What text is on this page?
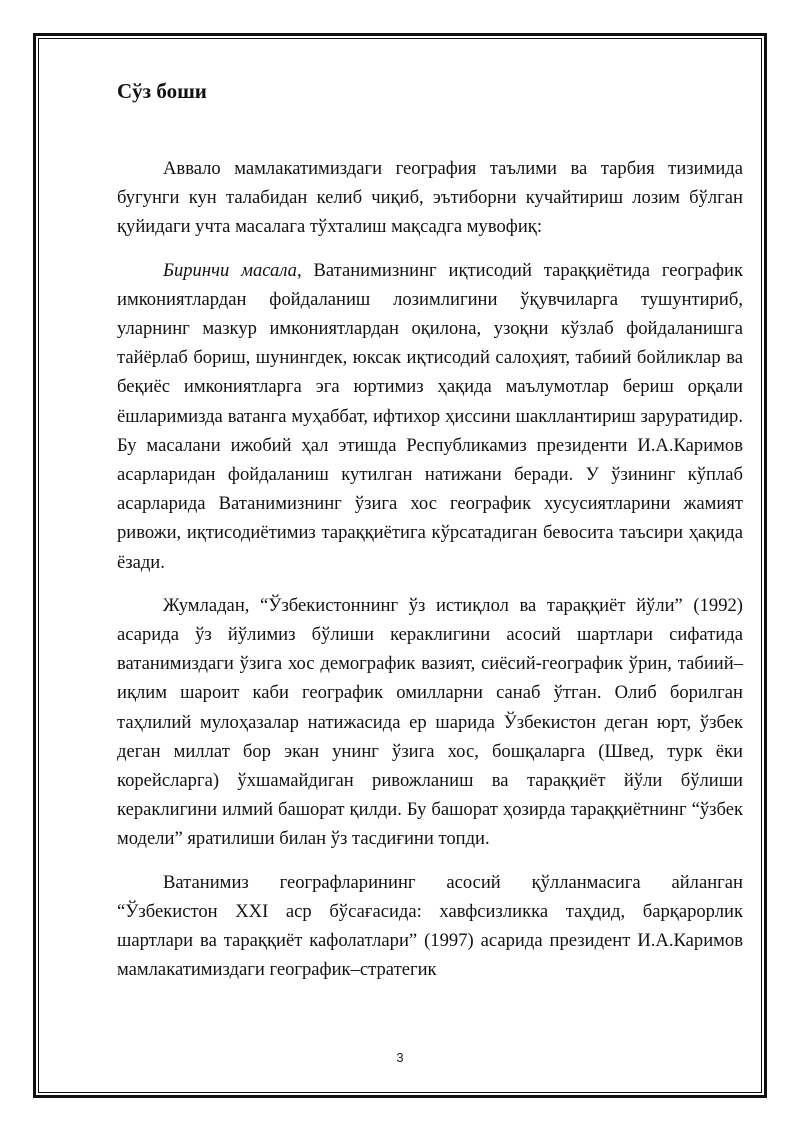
Сўз боши

Аввало мамлакатимиздаги география таълими ва тарбия тизимида бугунги кун талабидан келиб чиқиб, эътиборни кучайтириш лозим бўлган қуйидаги учта масалага тўхталиш мақсадга мувофиқ:

Биринчи масала, Ватанимизнинг иқтисодий тараққиётида географик имкониятлардан фойдаланиш лозимлигини ўқувчиларга тушунтириб, уларнинг мазкур имкониятлардан оқилона, узоқни кўзлаб фойдаланишга тайёрлаб бориш, шунингдек, юксак иқтисодий салоҳият, табиий бойликлар ва беқиёс имкониятларга эга юртимиз ҳақида маълумотлар бериш орқали ёшларимизда ватанга муҳаббат, ифтихор ҳиссини шакллантириш заруратидир. Бу масалани ижобий ҳал этишда Республикамиз президенти И.А.Каримов асарларидан фойдаланиш кутилган натижани беради. У ўзининг кўплаб асарларида Ватанимизнинг ўзига хос географик хусусиятларини жамият ривожи, иқтисодиётимиз тараққиётига кўрсатадиган бевосита таъсири ҳақида ёзади.

Жумладан, “Ўзбекистоннинг ўз истиқлол ва тараққиёт йўли” (1992) асарида ўз йўлимиз бўлиши кераклигини асосий шартлари сифатида ватанимиздаги ўзига хос демографик вазият, сиёсий-географик ўрин, табиий–иқлим шароит каби географик омилларни санаб ўтган. Олиб борилган таҳлилий мулоҳазалар натижасида ер шарида Ўзбекистон деган юрт, ўзбек деган миллат бор экан унинг ўзига хос, бошқаларга (Швед, турк ёки корейсларга) ўхшамайдиган ривожланиш ва тараққиёт йўли бўлиши кераклигини илмий башорат қилди. Бу башорат ҳозирда тараққиётнинг “ўзбек модели” яратилиши билан ўз тасдиғини топди.

Ватанимиз географларининг асосий қўлланмасига айланган “Ўзбекистон XXI аср бўсағасида: хавфсизликка таҳдид, барқарорлик шартлари ва тараққиёт кафолатлари” (1997) асарида президент И.А.Каримов мамлакатимиздаги географик–стратегик

3
